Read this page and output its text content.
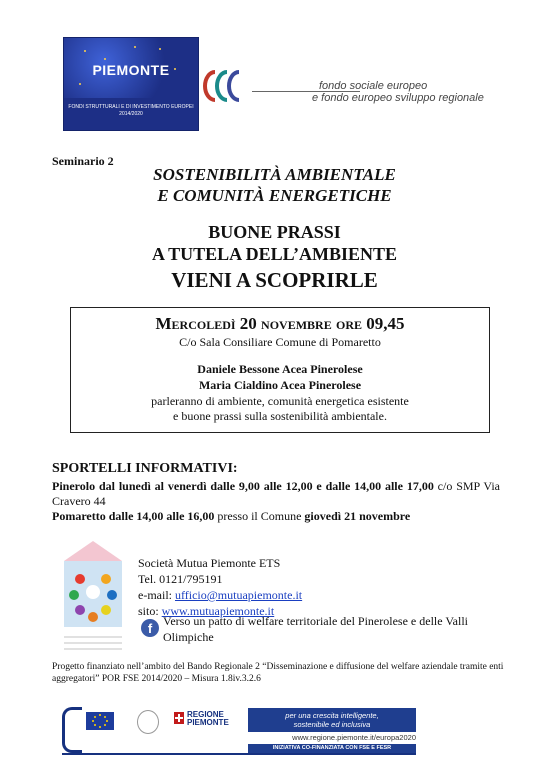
PIEMONTE
FONDI STRUTTURALI E DI INVESTIMENTO EUROPEI 2014/2020
fondo sociale europeo
e fondo europeo sviluppo regionale
Seminario 2
SOSTENIBILITÀ AMBIENTALE
E COMUNITÀ ENERGETICHE
BUONE PRASSI
A TUTELA DELL’AMBIENTE
VIENI A SCOPRIRLE
Mercoledì 20 novembre ore 09,45
C/o Sala Consiliare Comune di Pomaretto
Daniele Bessone Acea Pinerolese
Maria Cialdino Acea Pinerolese
parleranno di ambiente, comunità energetica esistente
e buone prassi sulla sostenibilità ambientale.
SPORTELLI INFORMATIVI:
Pinerolo dal lunedì al venerdì dalle 9,00 alle 12,00 e dalle 14,00 alle 17,00 c/o SMP Via Cravero 44
Pomaretto dalle 14,00 alle 16,00 presso il Comune giovedì 21 novembre
Società Mutua Piemonte ETS
Tel. 0121/795191
e-mail: ufficio@mutuapiemonte.it
sito: www.mutuapiemonte.it
f Verso un patto di welfare territoriale del Pinerolese e delle Valli Olimpiche
Progetto finanziato nell’ambito del Bando Regionale 2 “Disseminazione e diffusione del welfare aziendale tramite enti aggregatori” POR FSE 2014/2020 – Misura 1.8iv.3.2.6
REGIONE
PIEMONTE
per una crescita intelligente,
sostenibile ed inclusiva
www.regione.piemonte.it/europa2020
INIZIATIVA CO-FINANZIATA CON FSE E FESR
